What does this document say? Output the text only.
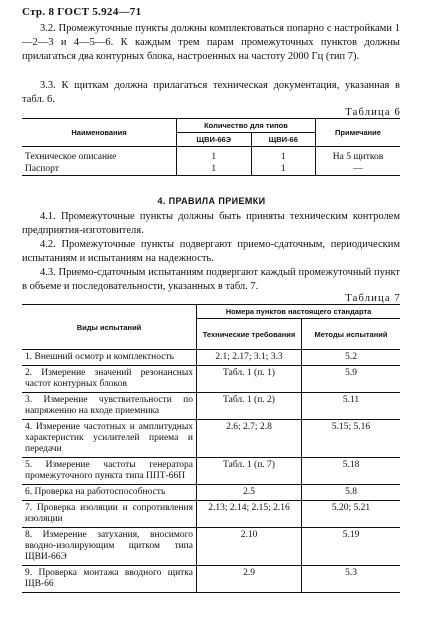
Стр. 8 ГОСТ 5.924—71

3.2. Промежуточные пункты должны комплектоваться попарно с настройками 1—2—3 и 4—5—6. К каждым трем парам промежуточных пунктов должны прилагаться два контурных блока, настроенных на частоту 2000 Гц (тип 7).

3.3. К щиткам должна прилагаться техническая документация, указанная в табл. 6.

Таблица 6
Наименования	Количество для типов		Примечание
	ЩВИ-66Э	ЩВИ-66	
Техническое описание	1	1	На 5 щитков
Паспорт	1	1	—
4. ПРАВИЛА ПРИЕМКИ

4.1. Промежуточные пункты должны быть приняты техническим контролем предприятия-изготовителя.

4.2. Промежуточные пункты подвергают приемо-сдаточным, периодическим испытаниям и испытаниям на надежность.

4.3. Приемо-сдаточным испытаниям подвергают каждый промежуточный пункт в объеме и последовательности, указанных в табл. 7.

Таблица 7
Виды испытаний	Номера пунктов настоящего стандарта	
	Технические требования	Методы испытаний
1. Внешний осмотр и комплектность	2.1; 2.17; 3.1; 3.3	5.2
2. Измерение значений резонансных частот контурных блоков	Табл. 1 (п. 1)	5.9
3. Измерение чувствительности по напряжению на входе приемника	Табл. 1 (п. 2)	5.11
4. Измерение частотных и амплитудных характеристик усилителей приема и передачи	2.6; 2.7; 2.8	5.15; 5.16
5. Измерение частоты генератора промежуточного пункта типа ППТ-66П	Табл. 1 (п. 7)	5.18
6. Проверка на работоспособность	2.5	5.8
7. Проверка изоляции и сопротивления изоляции	2.13; 2.14; 2.15; 2.16	5.20; 5.21
8. Измерение затухания, вносимого вводно-изолирующим щитком типа ЩВИ-66Э	2.10	5.19
9. Проверка монтажа вводного щитка ЩВ-66	2.9	5.3
